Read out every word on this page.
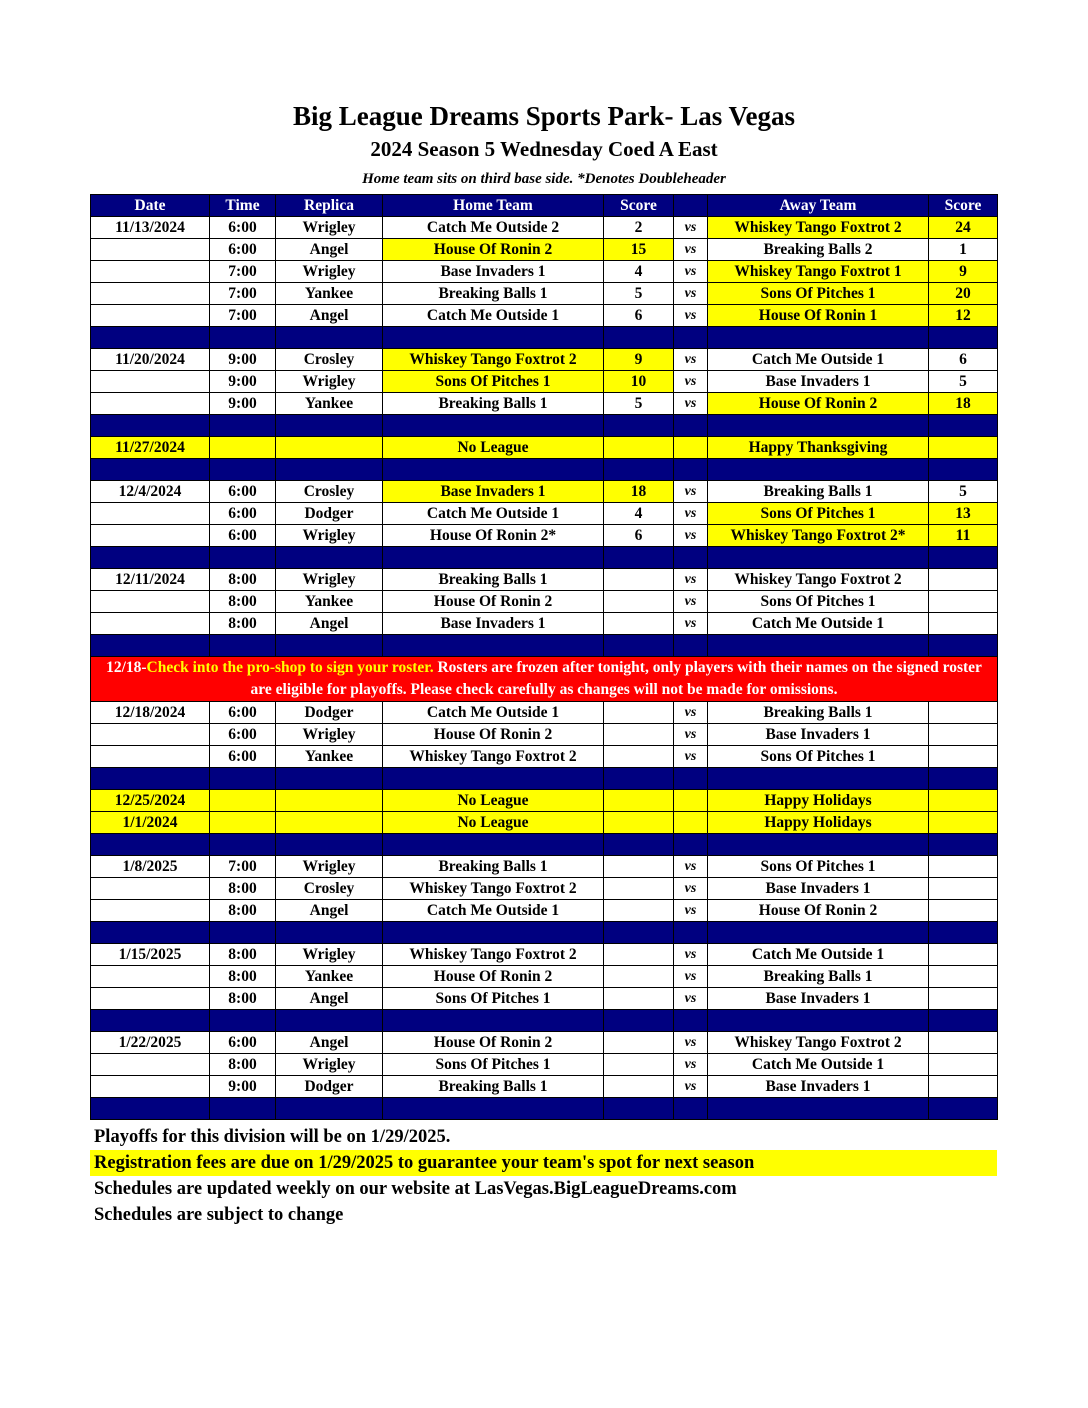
Big League Dreams Sports Park- Las Vegas
2024 Season 5 Wednesday Coed A East
Home team sits on third base side. *Denotes Doubleheader
Date	Time	Replica	Home Team	Score		Away Team	Score
11/13/2024	6:00	Wrigley	Catch Me Outside 2	2	vs	Whiskey Tango Foxtrot 2	24
	6:00	Angel	House Of Ronin 2	15	vs	Breaking Balls 2	1
	7:00	Wrigley	Base Invaders 1	4	vs	Whiskey Tango Foxtrot 1	9
	7:00	Yankee	Breaking Balls 1	5	vs	Sons Of Pitches 1	20
	7:00	Angel	Catch Me Outside 1	6	vs	House Of Ronin 1	12

11/20/2024	9:00	Crosley	Whiskey Tango Foxtrot 2	9	vs	Catch Me Outside 1	6
	9:00	Wrigley	Sons Of Pitches 1	10	vs	Base Invaders 1	5
	9:00	Yankee	Breaking Balls 1	5	vs	House Of Ronin 2	18

11/27/2024			No League			Happy Thanksgiving	

12/4/2024	6:00	Crosley	Base Invaders 1	18	vs	Breaking Balls 1	5
	6:00	Dodger	Catch Me Outside 1	4	vs	Sons Of Pitches 1	13
	6:00	Wrigley	House Of Ronin 2*	6	vs	Whiskey Tango Foxtrot 2*	11

12/11/2024	8:00	Wrigley	Breaking Balls 1		vs	Whiskey Tango Foxtrot 2	
	8:00	Yankee	House Of Ronin 2		vs	Sons Of Pitches 1	
	8:00	Angel	Base Invaders 1		vs	Catch Me Outside 1	

12/18-Check into the pro-shop to sign your roster. Rosters are frozen after tonight, only players with their names on the signed roster are eligible for playoffs. Please check carefully as changes will not be made for omissions.							
12/18/2024	6:00	Dodger	Catch Me Outside 1		vs	Breaking Balls 1	
	6:00	Wrigley	House Of Ronin 2		vs	Base Invaders 1	
	6:00	Yankee	Whiskey Tango Foxtrot 2		vs	Sons Of Pitches 1	

12/25/2024			No League			Happy Holidays	
1/1/2024			No League			Happy Holidays	

1/8/2025	7:00	Wrigley	Breaking Balls 1		vs	Sons Of Pitches 1	
	8:00	Crosley	Whiskey Tango Foxtrot 2		vs	Base Invaders 1	
	8:00	Angel	Catch Me Outside 1		vs	House Of Ronin 2	

1/15/2025	8:00	Wrigley	Whiskey Tango Foxtrot 2		vs	Catch Me Outside 1	
	8:00	Yankee	House Of Ronin 2		vs	Breaking Balls 1	
	8:00	Angel	Sons Of Pitches 1		vs	Base Invaders 1	

1/22/2025	6:00	Angel	House Of Ronin 2		vs	Whiskey Tango Foxtrot 2	
	8:00	Wrigley	Sons Of Pitches 1		vs	Catch Me Outside 1	
	9:00	Dodger	Breaking Balls 1		vs	Base Invaders 1	

Playoffs for this division will be on 1/29/2025.
Registration fees are due on 1/29/2025 to guarantee your team's spot for next season
Schedules are updated weekly on our website at LasVegas.BigLeagueDreams.com
Schedules are subject to change
